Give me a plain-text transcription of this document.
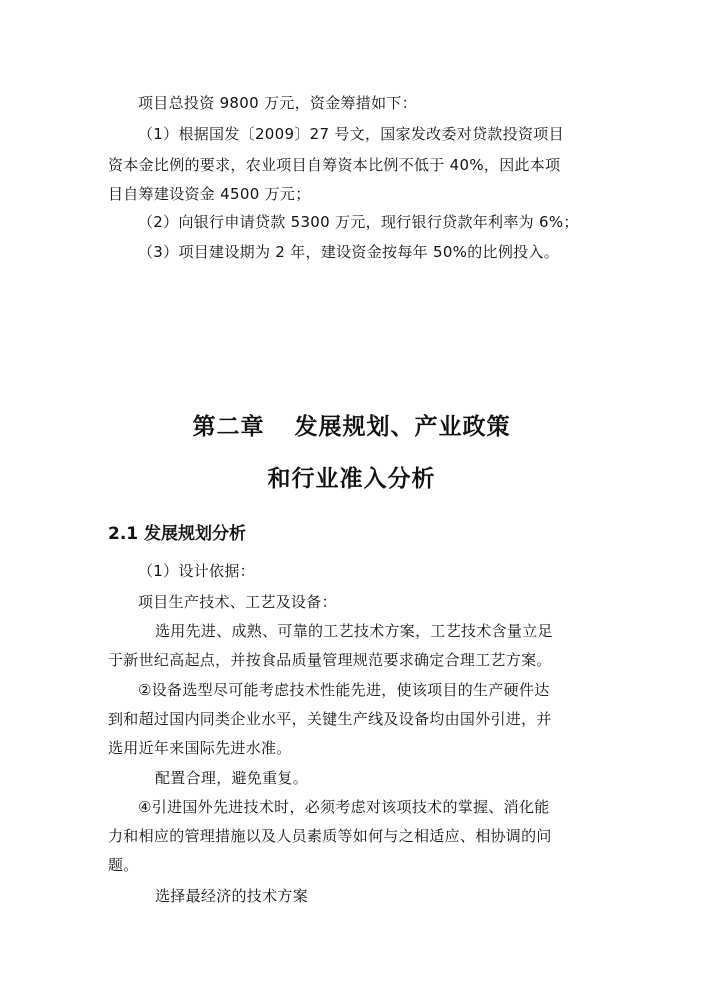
项目总投资 9800 万元，资金筹措如下：
（1）根据国发〔2009〕27 号文，国家发改委对贷款投资项目
资本金比例的要求，农业项目自筹资本比例不低于 40%，因此本项
目自筹建设资金 4500 万元；
（2）向银行申请贷款 5300 万元，现行银行贷款年利率为 6%；
（3）项目建设期为 2 年，建设资金按每年 50%的比例投入。
第二章 发展规划、产业政策
和行业准入分析
2.1 发展规划分析
（1）设计依据：
项目生产技术、工艺及设备：
选用先进、成熟、可靠的工艺技术方案，工艺技术含量立足
于新世纪高起点，并按食品质量管理规范要求确定合理工艺方案。
②设备选型尽可能考虑技术性能先进，使该项目的生产硬件达
到和超过国内同类企业水平，关键生产线及设备均由国外引进，并
选用近年来国际先进水准。
配置合理，避免重复。
④引进国外先进技术时，必须考虑对该项技术的掌握、消化能
力和相应的管理措施以及人员素质等如何与之相适应、相协调的问
题。
选择最经济的技术方案
